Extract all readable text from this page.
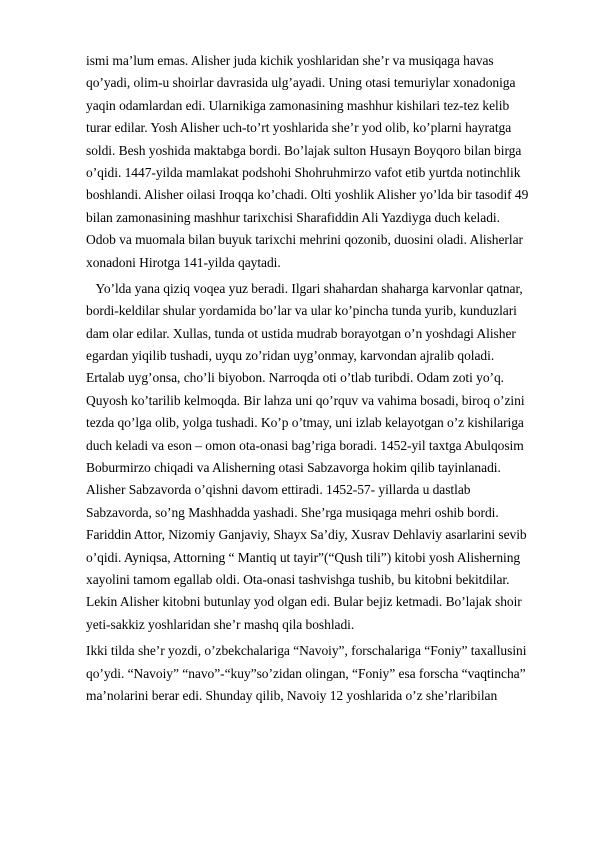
ismi ma’lum emas. Alisher juda kichik yoshlaridan she’r va musiqaga havas
qo’yadi, olim-u shoirlar davrasida ulg’ayadi. Uning otasi temuriylar xonadoniga
yaqin odamlardan edi. Ularnikiga zamonasining mashhur kishilari tez-tez kelib
turar edilar. Yosh Alisher uch-to’rt yoshlarida she’r yod olib, ko’plarni hayratga
soldi. Besh yoshida maktabga bordi. Bo’lajak sulton Husayn Boyqoro bilan birga
o’qidi. 1447-yilda mamlakat podshohi Shohruhmirzo vafot etib yurtda notinchlik
boshlandi. Alisher oilasi Iroqqa ko’chadi. Olti yoshlik Alisher yo’lda bir tasodif 49
bilan zamonasining mashhur tarixchisi Sharafiddin Ali Yazdiyga duch keladi.
Odob va muomala bilan buyuk tarixchi mehrini qozonib, duosini oladi. Alisherlar
xonadoni Hirotga 141-yilda qaytadi.
Yo’lda yana qiziq voqea yuz beradi. Ilgari shahardan shaharga karvonlar qatnar,
bordi-keldilar shular yordamida bo’lar va ular ko’pincha tunda yurib, kunduzlari
dam olar edilar. Xullas, tunda ot ustida mudrab borayotgan o’n yoshdagi Alisher
egardan yiqilib tushadi, uyqu zo’ridan uyg’onmay, karvondan ajralib qoladi.
Ertalab uyg’onsa, cho’li biyobon. Narroqda oti o’tlab turibdi. Odam zoti yo’q.
Quyosh ko’tarilib kelmoqda. Bir lahza uni qo’rquv va vahima bosadi, biroq o’zini
tezda qo’lga olib, yolga tushadi. Ko’p o’tmay, uni izlab kelayotgan o’z kishilariga
duch keladi va eson – omon ota-onasi bag’riga boradi. 1452-yil taxtga Abulqosim
Boburmirzo chiqadi va Alisherning otasi Sabzavorga hokim qilib tayinlanadi.
Alisher Sabzavorda o’qishni davom ettiradi. 1452-57- yillarda u dastlab
Sabzavorda, so’ng Mashhadda yashadi. She’rga musiqaga mehri oshib bordi.
Fariddin Attor, Nizomiy Ganjaviy, Shayx Sa’diy, Xusrav Dehlaviy asarlarini sevib
o’qidi. Ayniqsa, Attorning “ Mantiq ut tayir”(“Qush tili”) kitobi yosh Alisherning
xayolini tamom egallab oldi. Ota-onasi tashvishga tushib, bu kitobni bekitdilar.
Lekin Alisher kitobni butunlay yod olgan edi. Bular bejiz ketmadi. Bo’lajak shoir
yeti-sakkiz yoshlaridan she’r mashq qila boshladi.
Ikki tilda she’r yozdi, o’zbekchalariga “Navoiy”, forschalariga “Foniy” taxallusini
qo’ydi. “Navoiy” “navo”-“kuy”so’zidan olingan, “Foniy” esa forscha “vaqtincha”
ma’nolarini berar edi. Shunday qilib, Navoiy 12 yoshlarida o’z she’rlaribilan
